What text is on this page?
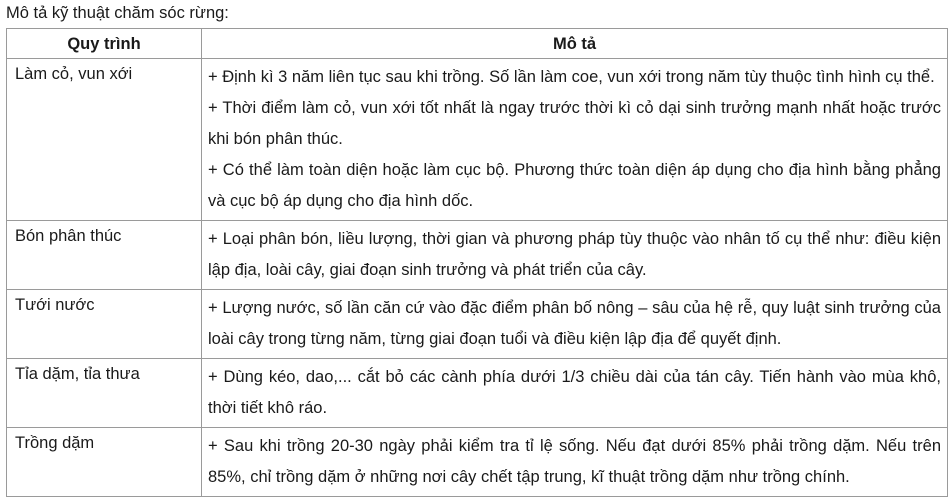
Mô tả kỹ thuật chăm sóc rừng:
Quy trình	Mô tả
Làm cỏ, vun xới	+ Định kì 3 năm liên tục sau khi trồng. Số lần làm coe, vun xới trong năm tùy thuộc tình hình cụ thể.
+ Thời điểm làm cỏ, vun xới tốt nhất là ngay trước thời kì cỏ dại sinh trưởng mạnh nhất hoặc trước khi bón phân thúc.
+ Có thể làm toàn diện hoặc làm cục bộ. Phương thức toàn diện áp dụng cho địa hình bằng phẳng và cục bộ áp dụng cho địa hình dốc.

Bón phân thúc	+ Loại phân bón, liều lượng, thời gian và phương pháp tùy thuộc vào nhân tố cụ thể như: điều kiện lập địa, loài cây, giai đoạn sinh trưởng và phát triển của cây.

Tưới nước	+ Lượng nước, số lần căn cứ vào đặc điểm phân bố nông – sâu của hệ rễ, quy luật sinh trưởng của loài cây trong từng năm, từng giai đoạn tuổi và điều kiện lập địa để quyết định.

Tỉa dặm, tỉa thưa	+ Dùng kéo, dao,... cắt bỏ các cành phía dưới 1/3 chiều dài của tán cây. Tiến hành vào mùa khô, thời tiết khô ráo.

Trồng dặm	+ Sau khi trồng 20-30 ngày phải kiểm tra tỉ lệ sống. Nếu đạt dưới 85% phải trồng dặm. Nếu trên 85%, chỉ trồng dặm ở những nơi cây chết tập trung, kĩ thuật trồng dặm như trồng chính.
